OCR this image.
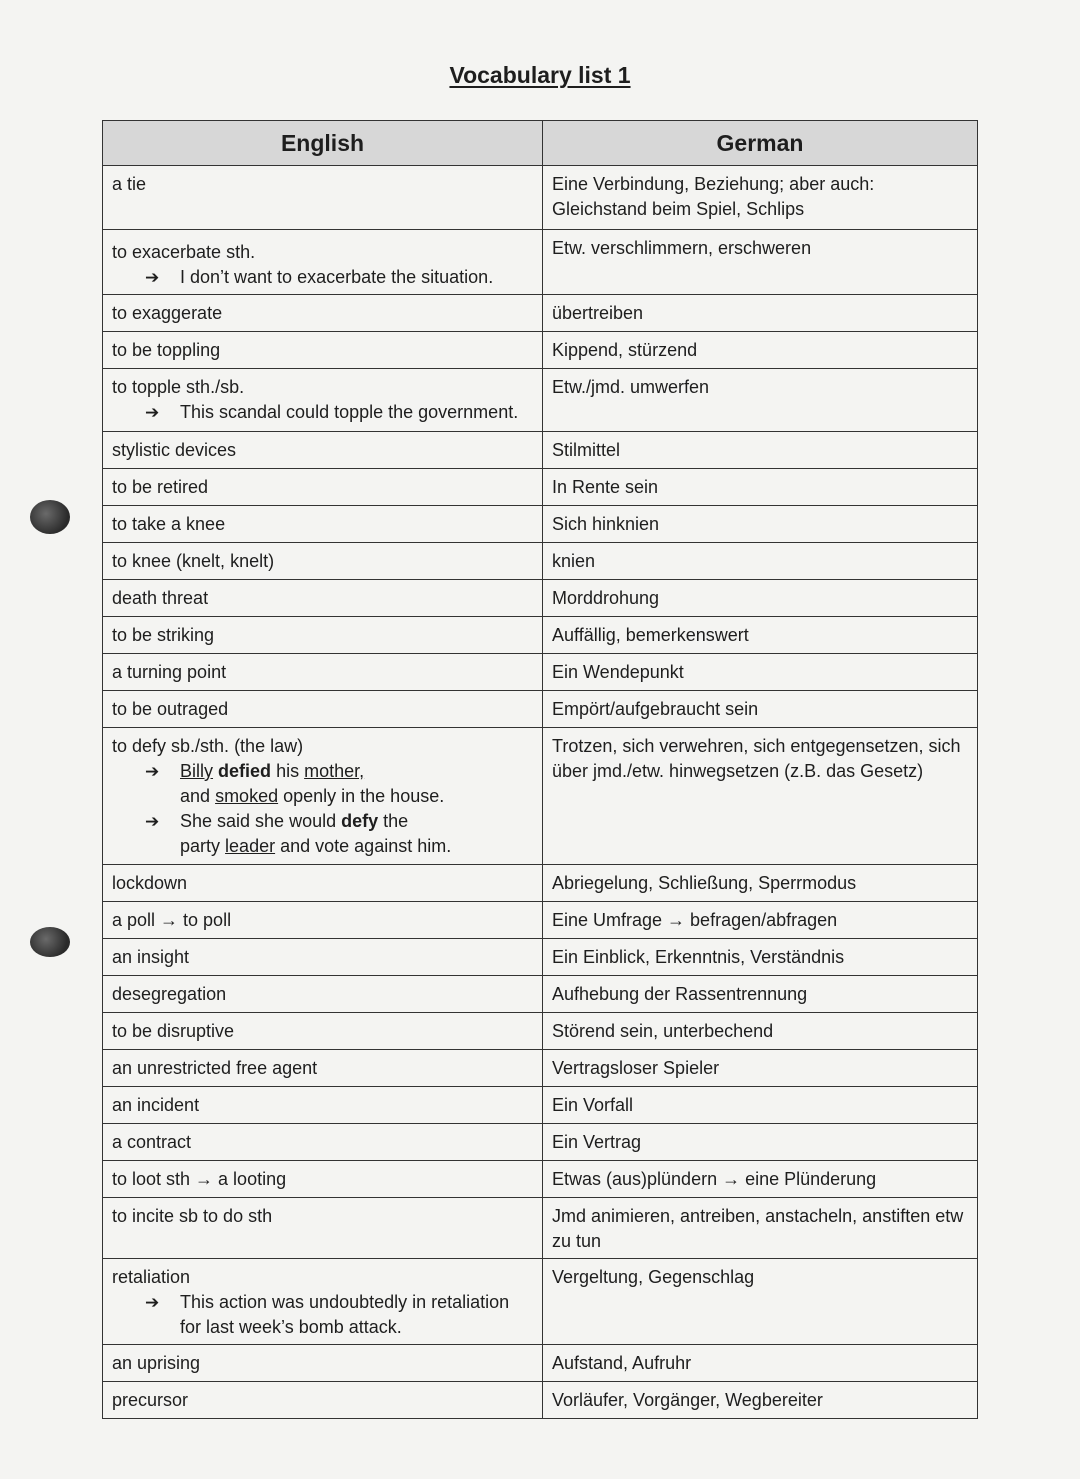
Vocabulary list 1
English	German
a tie	Eine Verbindung, Beziehung; aber auch: Gleichstand beim Spiel, Schlips

to exacerbate sth.
➔ I don’t want to exacerbate the situation.	Etw. verschlimmern, erschweren
to exaggerate	übertreiben
to be toppling	Kippend, stürzend

to topple sth./sb.
➔ This scandal could topple the government.	Etw./jmd. umwerfen
stylistic devices	Stilmittel
to be retired	In Rente sein
to take a knee	Sich hinknien
to knee (knelt, knelt)	knien
death threat	Morddrohung
to be striking	Auffällig, bemerkenswert
a turning point	Ein Wendepunkt
to be outraged	Empört/aufgebraucht sein

to defy sb./sth. (the law)
➔ Billy defied his mother,
and smoked openly in the house.
➔ She said she would defy the
party leader and vote against him.	Trotzen, sich verwehren, sich entgegensetzen, sich über jmd./etw. hinwegsetzen (z.B. das Gesetz)
lockdown	Abriegelung, Schließung, Sperrmodus
a poll → to poll	Eine Umfrage → befragen/abfragen
an insight	Ein Einblick, Erkenntnis, Verständnis
desegregation	Aufhebung der Rassentrennung
to be disruptive	Störend sein, unterbechend
an unrestricted free agent	Vertragsloser Spieler
an incident	Ein Vorfall
a contract	Ein Vertrag
to loot sth → a looting	Etwas (aus)plündern → eine Plünderung
to incite sb to do sth	Jmd animieren, antreiben, anstacheln, anstiften etw zu tun

retaliation
➔ This action was undoubtedly in retaliation
for last week’s bomb attack.	Vergeltung, Gegenschlag
an uprising	Aufstand, Aufruhr
precursor	Vorläufer, Vorgänger, Wegbereiter
